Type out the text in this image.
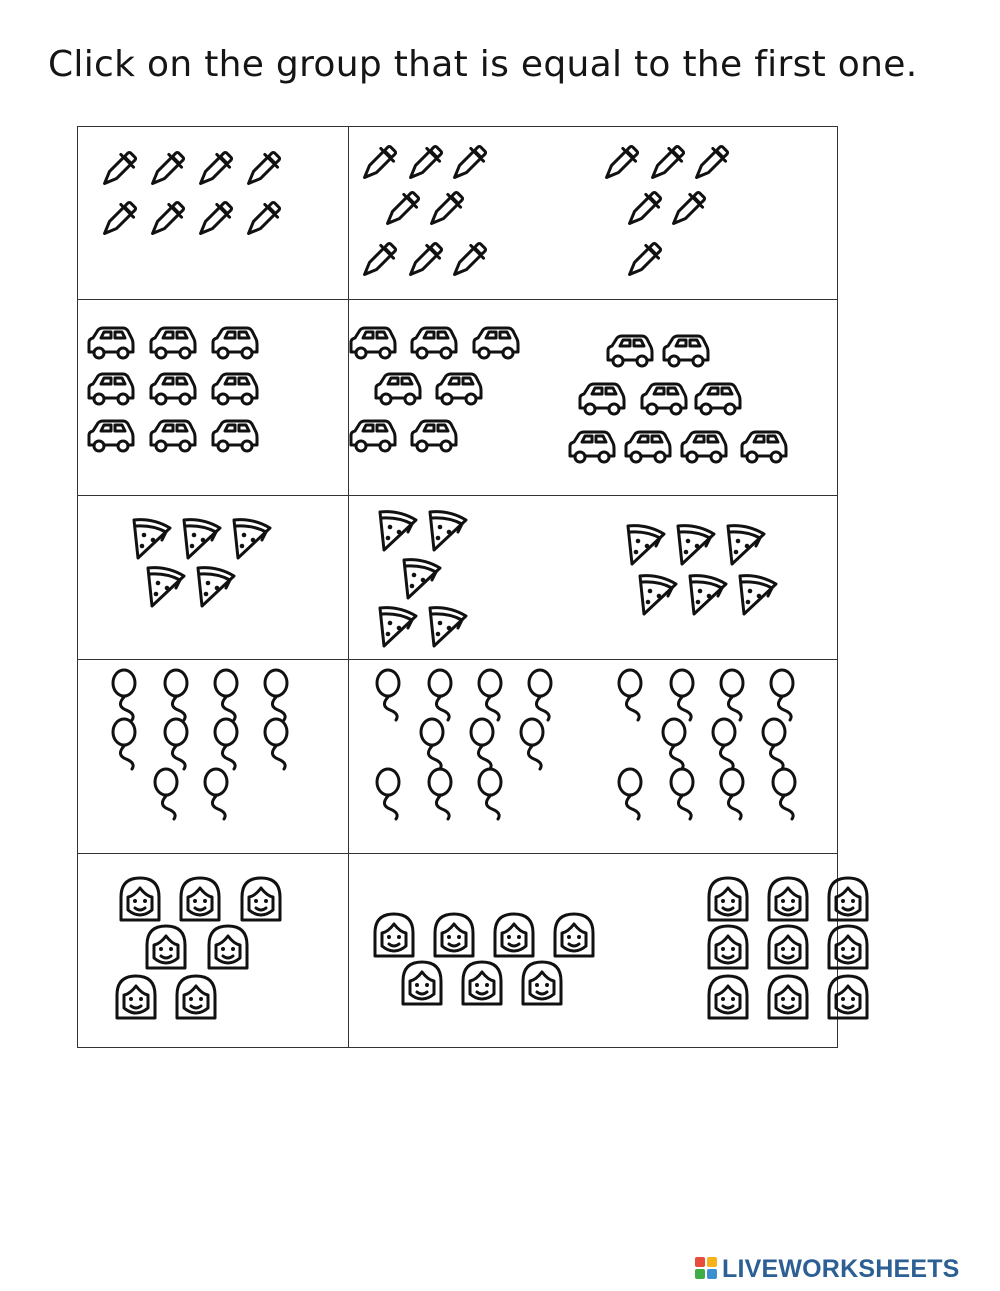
Click on the group that is equal to the first one.
LIVEWORKSHEETS
